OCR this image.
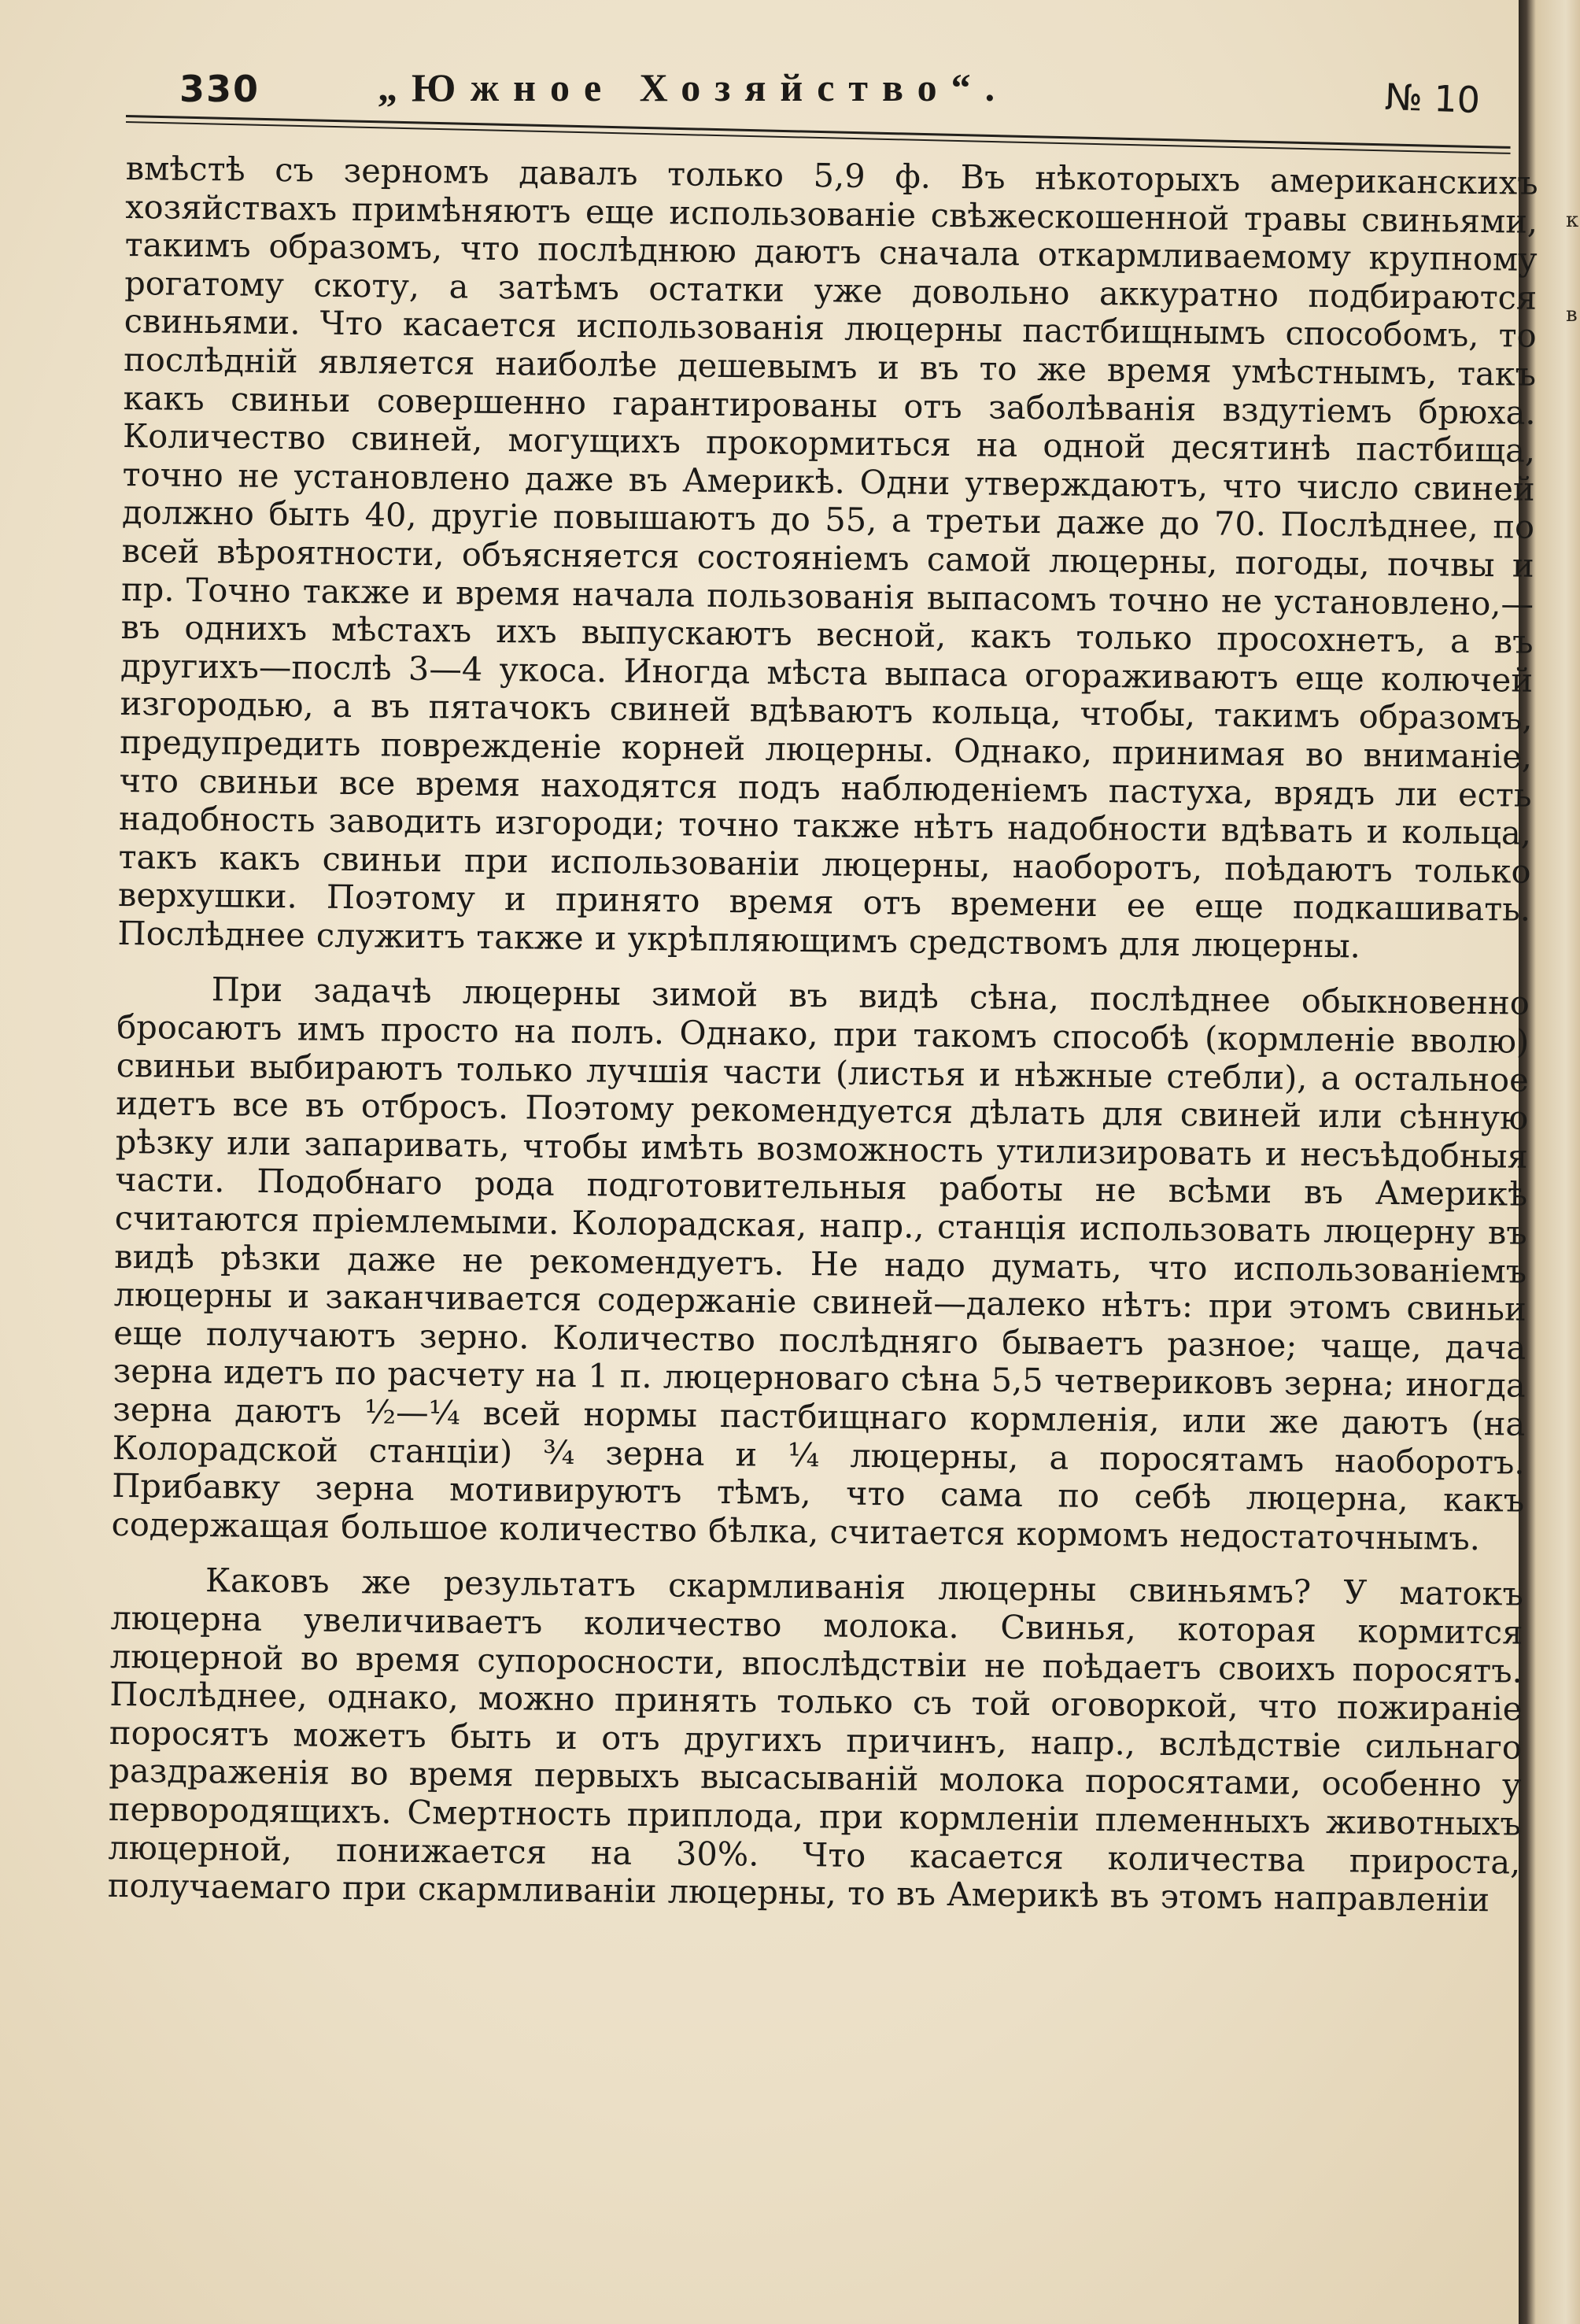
к в
330	„Южное Хозяйство“.	№ 10

вмѣстѣ съ зерномъ давалъ только 5,9 ф. Въ нѣкоторыхъ американскихъ хозяйствахъ примѣняютъ еще использованіе свѣжескошенной травы свиньями, такимъ образомъ, что послѣднюю даютъ сначала откармливаемому крупному рогатому скоту, а затѣмъ остатки уже довольно аккуратно подбираются свиньями. Что касается использованія люцерны пастбищнымъ способомъ, то послѣдній является наиболѣе дешевымъ и въ то же время умѣстнымъ, такъ какъ свиньи совершенно гарантированы отъ заболѣванія вздутіемъ брюха. Количество свиней, могущихъ прокормиться на одной десятинѣ пастбища, точно не установлено даже въ Америкѣ. Одни утверждаютъ, что число свиней должно быть 40, другіе повышаютъ до 55, а третьи даже до 70. Послѣднее, по всей вѣроятности, объясняется состояніемъ самой люцерны, погоды, почвы и пр. Точно также и время начала пользованія выпасомъ точно не установлено,—въ однихъ мѣстахъ ихъ выпускаютъ весной, какъ только просохнетъ, а въ другихъ—послѣ 3—4 укоса. Иногда мѣста выпаса огораживаютъ еще колючей изгородью, а въ пятачокъ свиней вдѣваютъ кольца, чтобы, такимъ образомъ, предупредить поврежденіе корней люцерны. Однако, принимая во вниманіе, что свиньи все время находятся подъ наблюденіемъ пастуха, врядъ ли есть надобность заводить изгороди; точно также нѣтъ надобности вдѣвать и кольца, такъ какъ свиньи при использованіи люцерны, наоборотъ, поѣдаютъ только верхушки. Поэтому и принято время отъ времени ее еще подкашивать. Послѣднее служитъ также и укрѣпляющимъ средствомъ для люцерны.

При задачѣ люцерны зимой въ видѣ сѣна, послѣднее обыкновенно бросаютъ имъ просто на полъ. Однако, при такомъ способѣ (кормленіе вволю) свиньи выбираютъ только лучшія части (листья и нѣжные стебли), а остальное идетъ все въ отбросъ. Поэтому рекомендуется дѣлать для свиней или сѣнную рѣзку или запаривать, чтобы имѣть возможность утилизировать и несъѣдобныя части. Подобнаго рода подготовительныя работы не всѣми въ Америкѣ считаются пріемлемыми. Колорадская, напр., станція использовать люцерну въ видѣ рѣзки даже не рекомендуетъ. Не надо думать, что использованіемъ люцерны и заканчивается содержаніе свиней—далеко нѣтъ: при этомъ свиньи еще получаютъ зерно. Количество послѣдняго бываетъ разное; чаще, дача зерна идетъ по расчету на 1 п. люцерноваго сѣна 5,5 четвериковъ зерна; иногда зерна даютъ ½—¼ всей нормы пастбищнаго кормленія, или же даютъ (на Колорадской станціи) ¾ зерна и ¼ люцерны, а поросятамъ наоборотъ. Прибавку зерна мотивируютъ тѣмъ, что сама по себѣ люцерна, какъ содержащая большое количество бѣлка, считается кормомъ недостаточнымъ.

Каковъ же результатъ скармливанія люцерны свиньямъ? У матокъ люцерна увеличиваетъ количество молока. Свинья, которая кормится люцерной во время супоросности, впослѣдствіи не поѣдаетъ своихъ поросятъ. Послѣднее, однако, можно принять только съ той оговоркой, что пожираніе поросятъ можетъ быть и отъ другихъ причинъ, напр., вслѣдствіе сильнаго раздраженія во время первыхъ высасываній молока поросятами, особенно у первородящихъ. Смертность приплода, при кормленіи племенныхъ животныхъ люцерной, понижается на 30%. Что касается количества прироста, получаемаго при скармливаніи люцерны, то въ Америкѣ въ этомъ направленіи
